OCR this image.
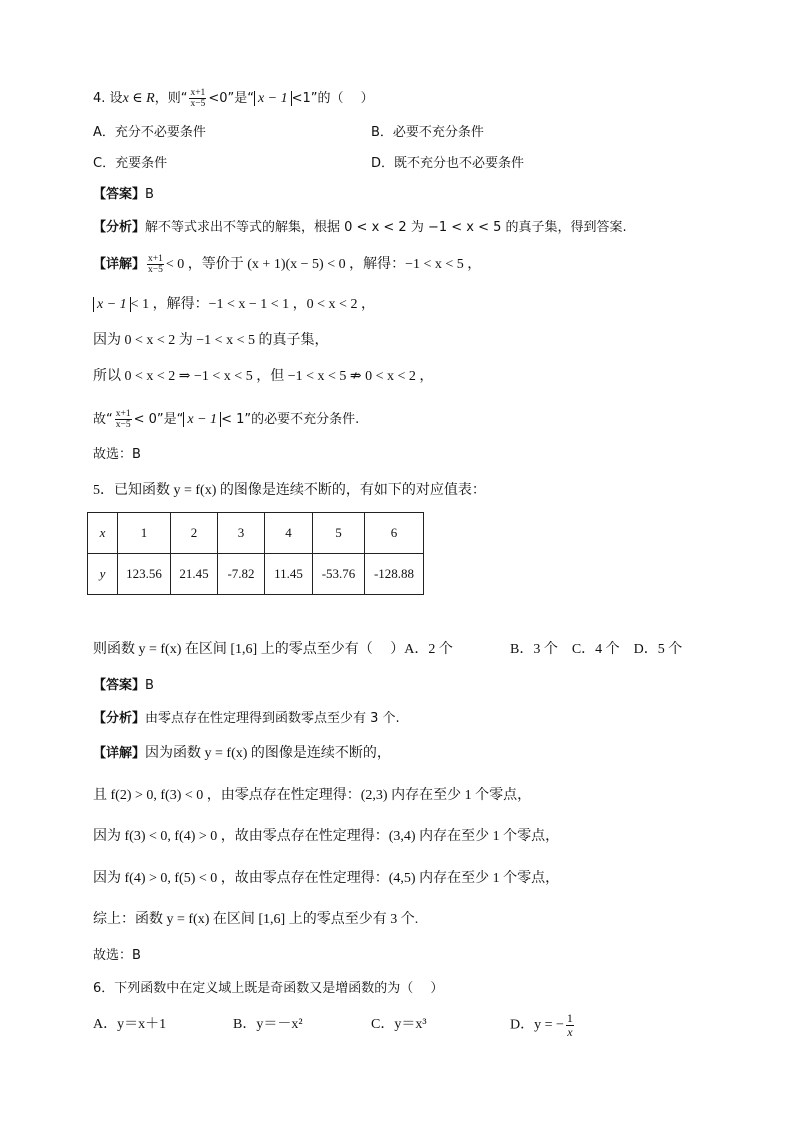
4. 设x ∈ R，则“ $\frac{x+1}{x-5} <0$”是“ x − 1 <1”的（　 ）
A．充分不必要条件	B．必要不充分条件
C．充要条件	D．既不充分也不必要条件
【答案】B
【分析】解不等式求出不等式的解集，根据 0 < x < 2 为 −1 < x < 5 的真子集，得到答案.
【详解】 $\frac{x+1}{x-5} < 0$ ，等价于 (x + 1)(x − 5) < 0 ，解得：−1 < x < 5 ，
x − 1 < 1 ，解得：−1 < x − 1 < 1 ，0 < x < 2 ，
因为 0 < x < 2 为 −1 < x < 5 的真子集，
所以 0 < x < 2 ⇒ −1 < x < 5 ，但 −1 < x < 5 ⇏ 0 < x < 2 ，
故“ $\frac{x+1}{x-5} < 0$”是“ x − 1 < 1”的必要不充分条件.
故选：B
5．已知函数 y = f(x) 的图像是连续不断的，有如下的对应值表：
x	1	2	3	4	5	6
y	123.56	21.45	-7.82	11.45	-53.76	-128.88
则函数 y = f(x) 在区间 [1,6] 上的零点至少有（　 ）A．2 个	B．3 个　C．4 个　D．5 个
【答案】B
【分析】由零点存在性定理得到函数零点至少有 3 个.
【详解】因为函数 y = f(x) 的图像是连续不断的，
且 f(2) > 0, f(3) < 0 ，由零点存在性定理得：(2,3) 内存在至少 1 个零点，
因为 f(3) < 0, f(4) > 0 ，故由零点存在性定理得：(3,4) 内存在至少 1 个零点，
因为 f(4) > 0, f(5) < 0 ，故由零点存在性定理得：(4,5) 内存在至少 1 个零点，
综上：函数 y = f(x) 在区间 [1,6] 上的零点至少有 3 个.
故选：B
6．下列函数中在定义域上既是奇函数又是增函数的为（　 ）
A．y＝x＋1	B．y＝－x²	C．y＝x³	D．y = − $\frac{1}{x}$
